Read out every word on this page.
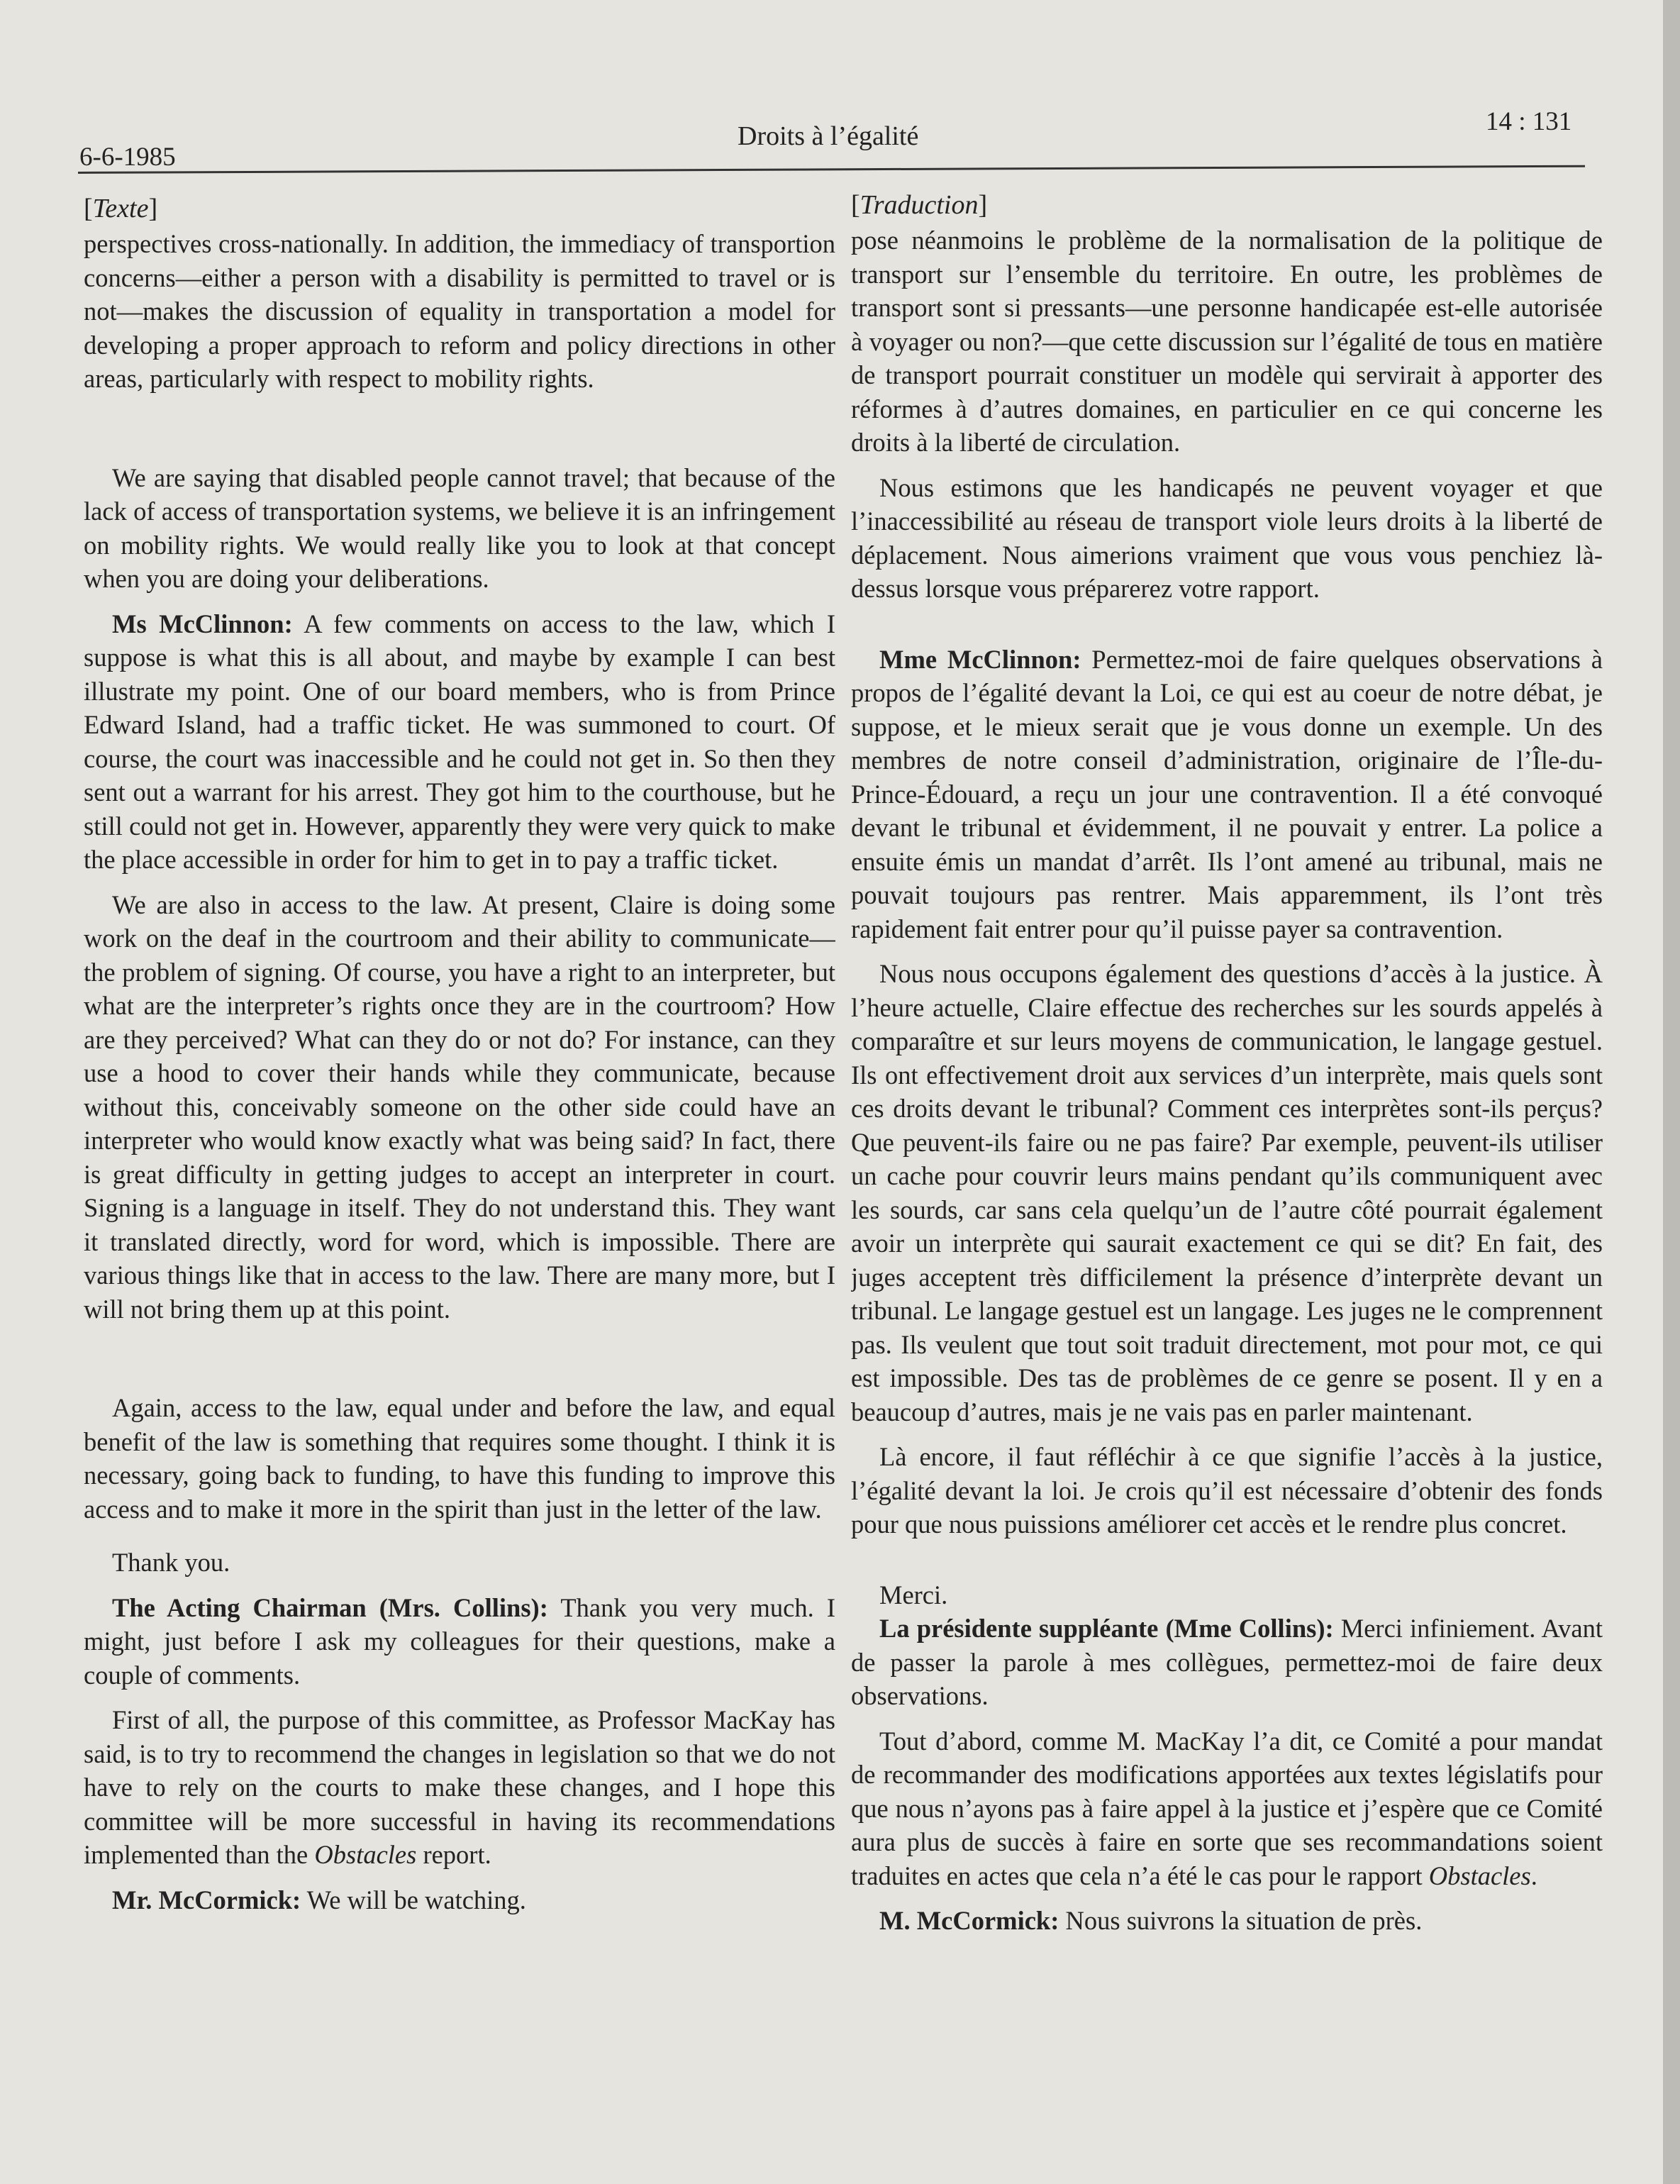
6-6-1985
Droits à l’égalité	14 : 131
[Texte]

perspectives cross-nationally. In addition, the immediacy of transportion concerns—either a person with a disability is permitted to travel or is not—makes the discussion of equality in transportation a model for developing a proper approach to reform and policy directions in other areas, particularly with respect to mobility rights.

We are saying that disabled people cannot travel; that because of the lack of access of transportation systems, we believe it is an infringement on mobility rights. We would really like you to look at that concept when you are doing your deliberations.

Ms McClinnon: A few comments on access to the law, which I suppose is what this is all about, and maybe by example I can best illustrate my point. One of our board members, who is from Prince Edward Island, had a traffic ticket. He was summoned to court. Of course, the court was inaccessible and he could not get in. So then they sent out a warrant for his arrest. They got him to the courthouse, but he still could not get in. However, apparently they were very quick to make the place accessible in order for him to get in to pay a traffic ticket.

We are also in access to the law. At present, Claire is doing some work on the deaf in the courtroom and their ability to communicate—the problem of signing. Of course, you have a right to an interpreter, but what are the interpreter’s rights once they are in the courtroom? How are they perceived? What can they do or not do? For instance, can they use a hood to cover their hands while they communicate, because without this, conceivably someone on the other side could have an interpreter who would know exactly what was being said? In fact, there is great difficulty in getting judges to accept an interpreter in court. Signing is a language in itself. They do not understand this. They want it translated directly, word for word, which is impossible. There are various things like that in access to the law. There are many more, but I will not bring them up at this point.

Again, access to the law, equal under and before the law, and equal benefit of the law is something that requires some thought. I think it is necessary, going back to funding, to have this funding to improve this access and to make it more in the spirit than just in the letter of the law.

Thank you.

The Acting Chairman (Mrs. Collins): Thank you very much. I might, just before I ask my colleagues for their questions, make a couple of comments.

First of all, the purpose of this committee, as Professor MacKay has said, is to try to recommend the changes in legislation so that we do not have to rely on the courts to make these changes, and I hope this committee will be more successful in having its recommendations implemented than the Obstacles report.

Mr. McCormick: We will be watching.

[Traduction]

pose néanmoins le problème de la normalisation de la politique de transport sur l’ensemble du territoire. En outre, les problèmes de transport sont si pressants—une personne handicapée est-elle autorisée à voyager ou non?—que cette discussion sur l’égalité de tous en matière de transport pourrait constituer un modèle qui servirait à apporter des réformes à d’autres domaines, en particulier en ce qui concerne les droits à la liberté de circulation.

Nous estimons que les handicapés ne peuvent voyager et que l’inaccessibilité au réseau de transport viole leurs droits à la liberté de déplacement. Nous aimerions vraiment que vous vous penchiez là-dessus lorsque vous préparerez votre rapport.

Mme McClinnon: Permettez-moi de faire quelques observations à propos de l’égalité devant la Loi, ce qui est au coeur de notre débat, je suppose, et le mieux serait que je vous donne un exemple. Un des membres de notre conseil d’administration, originaire de l’Île-du-Prince-Édouard, a reçu un jour une contravention. Il a été convoqué devant le tribunal et évidemment, il ne pouvait y entrer. La police a ensuite émis un mandat d’arrêt. Ils l’ont amené au tribunal, mais ne pouvait toujours pas rentrer. Mais apparemment, ils l’ont très rapidement fait entrer pour qu’il puisse payer sa contravention.

Nous nous occupons également des questions d’accès à la justice. À l’heure actuelle, Claire effectue des recherches sur les sourds appelés à comparaître et sur leurs moyens de communication, le langage gestuel. Ils ont effectivement droit aux services d’un interprète, mais quels sont ces droits devant le tribunal? Comment ces interprètes sont-ils perçus? Que peuvent-ils faire ou ne pas faire? Par exemple, peuvent-ils utiliser un cache pour couvrir leurs mains pendant qu’ils communiquent avec les sourds, car sans cela quelqu’un de l’autre côté pourrait également avoir un interprète qui saurait exactement ce qui se dit? En fait, des juges acceptent très difficilement la présence d’interprète devant un tribunal. Le langage gestuel est un langage. Les juges ne le comprennent pas. Ils veulent que tout soit traduit directement, mot pour mot, ce qui est impossible. Des tas de problèmes de ce genre se posent. Il y en a beaucoup d’autres, mais je ne vais pas en parler maintenant.

Là encore, il faut réfléchir à ce que signifie l’accès à la justice, l’égalité devant la loi. Je crois qu’il est nécessaire d’obtenir des fonds pour que nous puissions améliorer cet accès et le rendre plus concret.

Merci.

La présidente suppléante (Mme Collins): Merci infiniement. Avant de passer la parole à mes collègues, permettez-moi de faire deux observations.

Tout d’abord, comme M. MacKay l’a dit, ce Comité a pour mandat de recommander des modifications apportées aux textes législatifs pour que nous n’ayons pas à faire appel à la justice et j’espère que ce Comité aura plus de succès à faire en sorte que ses recommandations soient traduites en actes que cela n’a été le cas pour le rapport Obstacles.

M. McCormick: Nous suivrons la situation de près.
